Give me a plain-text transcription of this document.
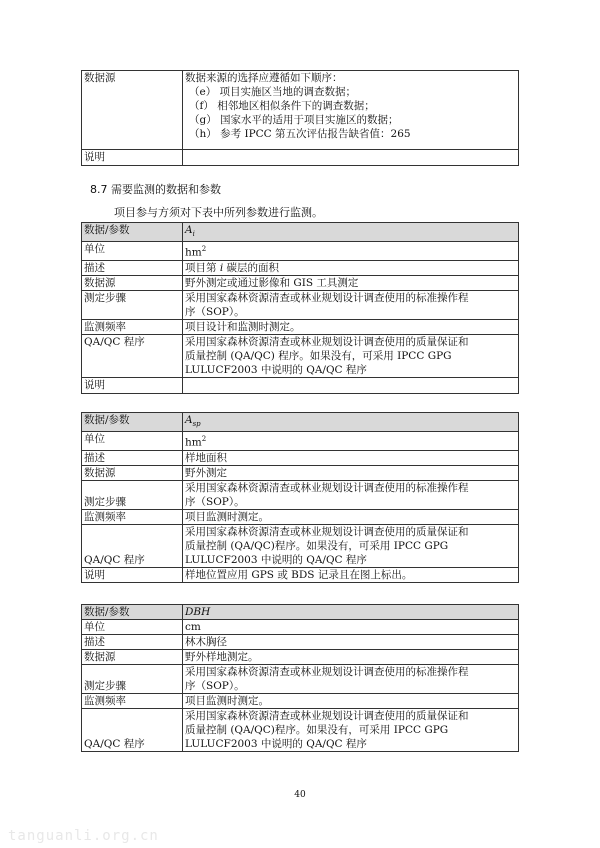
数据源	数据来源的选择应遵循如下顺序：
（e） 项目实施区当地的调查数据；
（f） 相邻地区相似条件下的调查数据；
（g） 国家水平的适用于项目实施区的数据；
（h） 参考 IPCC 第五次评估报告缺省值：265

说明	
8.7 需要监测的数据和参数
项目参与方须对下表中所列参数进行监测。
数据/参数	$A_i$
单位	$hm^2$
描述	项目第 i 碳层的面积
数据源	野外测定或通过影像和 GIS 工具测定
测定步骤	采用国家森林资源清查或林业规划设计调查使用的标准操作程
序（SOP）。

监测频率	项目设计和监测时测定。
QA/QC 程序	采用国家森林资源清查或林业规划设计调查使用的质量保证和
质量控制 (QA/QC) 程序。如果没有，可采用 IPCC GPG
LULUCF2003 中说明的 QA/QC 程序

说明	
数据/参数	$A_{sp}$
单位	$hm^2$
描述	样地面积
数据源	野外测定
测定步骤	采用国家森林资源清查或林业规划设计调查使用的标准操作程
序（SOP）。

监测频率	项目监测时测定。
QA/QC 程序	采用国家森林资源清查或林业规划设计调查使用的质量保证和
质量控制 (QA/QC)程序。如果没有，可采用 IPCC GPG
LULUCF2003 中说明的 QA/QC 程序

说明	样地位置应用 GPS 或 BDS 记录且在图上标出。
数据/参数	DBH
单位	cm
描述	林木胸径
数据源	野外样地测定。
测定步骤	采用国家森林资源清查或林业规划设计调查使用的标准操作程
序（SOP）。

监测频率	项目监测时测定。
QA/QC 程序	采用国家森林资源清查或林业规划设计调查使用的质量保证和
质量控制 (QA/QC)程序。如果没有，可采用 IPCC GPG
LULUCF2003 中说明的 QA/QC 程序
40
tanguanli.org.cn
